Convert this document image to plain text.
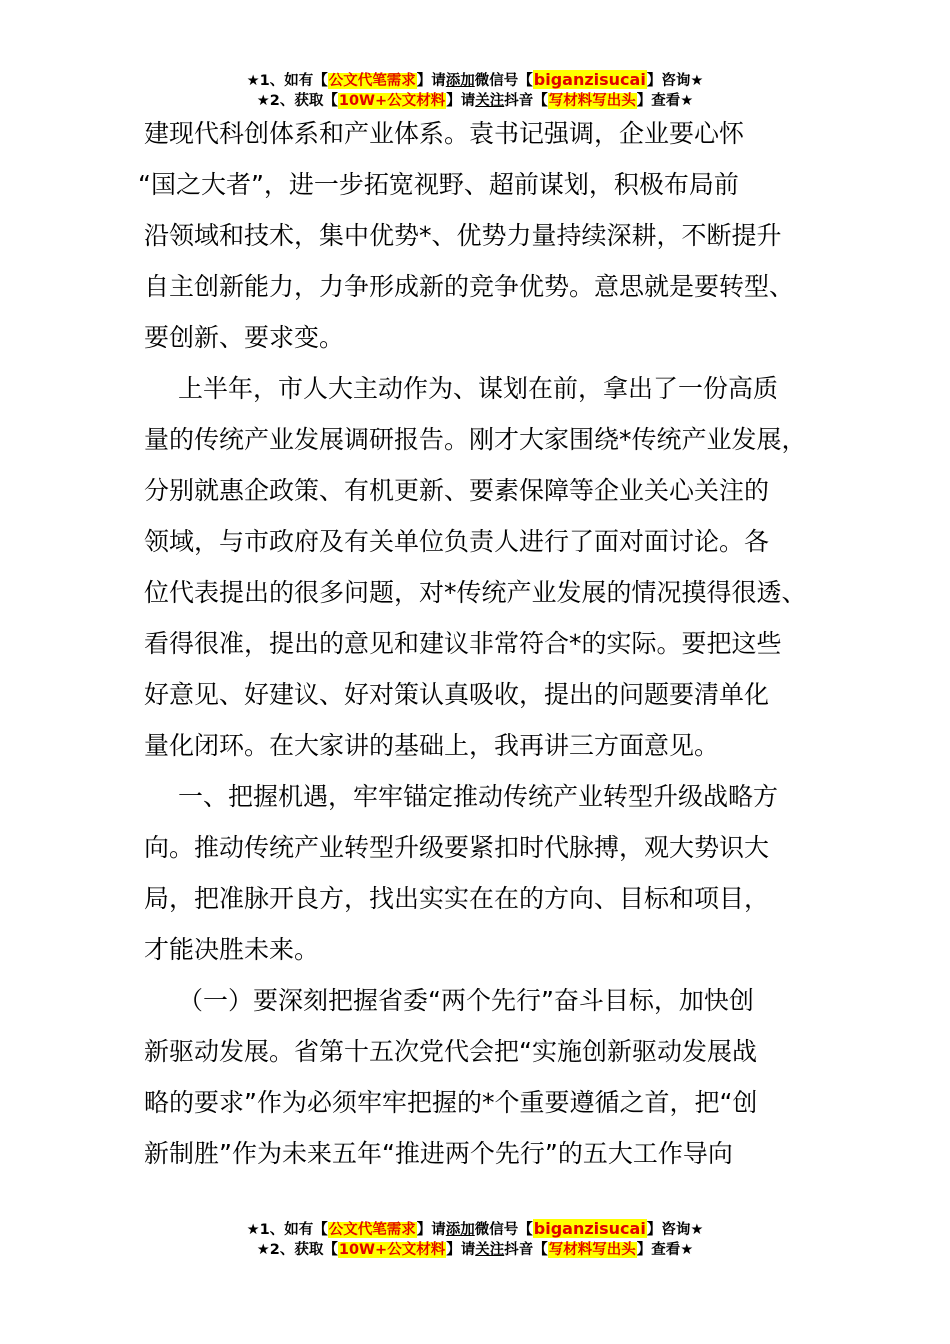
★1、如有【公文代笔需求】请添加微信号【biganzisucai】咨询★
★2、获取【10W+公文材料】请关注抖音【写材料写出头】查看★
建现代科创体系和产业体系。袁书记强调，企业要心怀
“国之大者”，进一步拓宽视野、超前谋划，积极布局前
沿领域和技术，集中优势*、优势力量持续深耕，不断提升
自主创新能力，力争形成新的竞争优势。意思就是要转型、
要创新、要求变。
上半年，市人大主动作为、谋划在前，拿出了一份高质
量的传统产业发展调研报告。刚才大家围绕*传统产业发展，
分别就惠企政策、有机更新、要素保障等企业关心关注的
领域，与市政府及有关单位负责人进行了面对面讨论。各
位代表提出的很多问题，对*传统产业发展的情况摸得很透、
看得很准，提出的意见和建议非常符合*的实际。要把这些
好意见、好建议、好对策认真吸收，提出的问题要清单化
量化闭环。在大家讲的基础上，我再讲三方面意见。
一、把握机遇，牢牢锚定推动传统产业转型升级战略方
向。推动传统产业转型升级要紧扣时代脉搏，观大势识大
局，把准脉开良方，找出实实在在的方向、目标和项目，
才能决胜未来。
（一）要深刻把握省委“两个先行”奋斗目标，加快创
新驱动发展。省第十五次党代会把“实施创新驱动发展战
略的要求”作为必须牢牢把握的*个重要遵循之首，把“创
新制胜”作为未来五年“推进两个先行”的五大工作导向
★1、如有【公文代笔需求】请添加微信号【biganzisucai】咨询★
★2、获取【10W+公文材料】请关注抖音【写材料写出头】查看★
